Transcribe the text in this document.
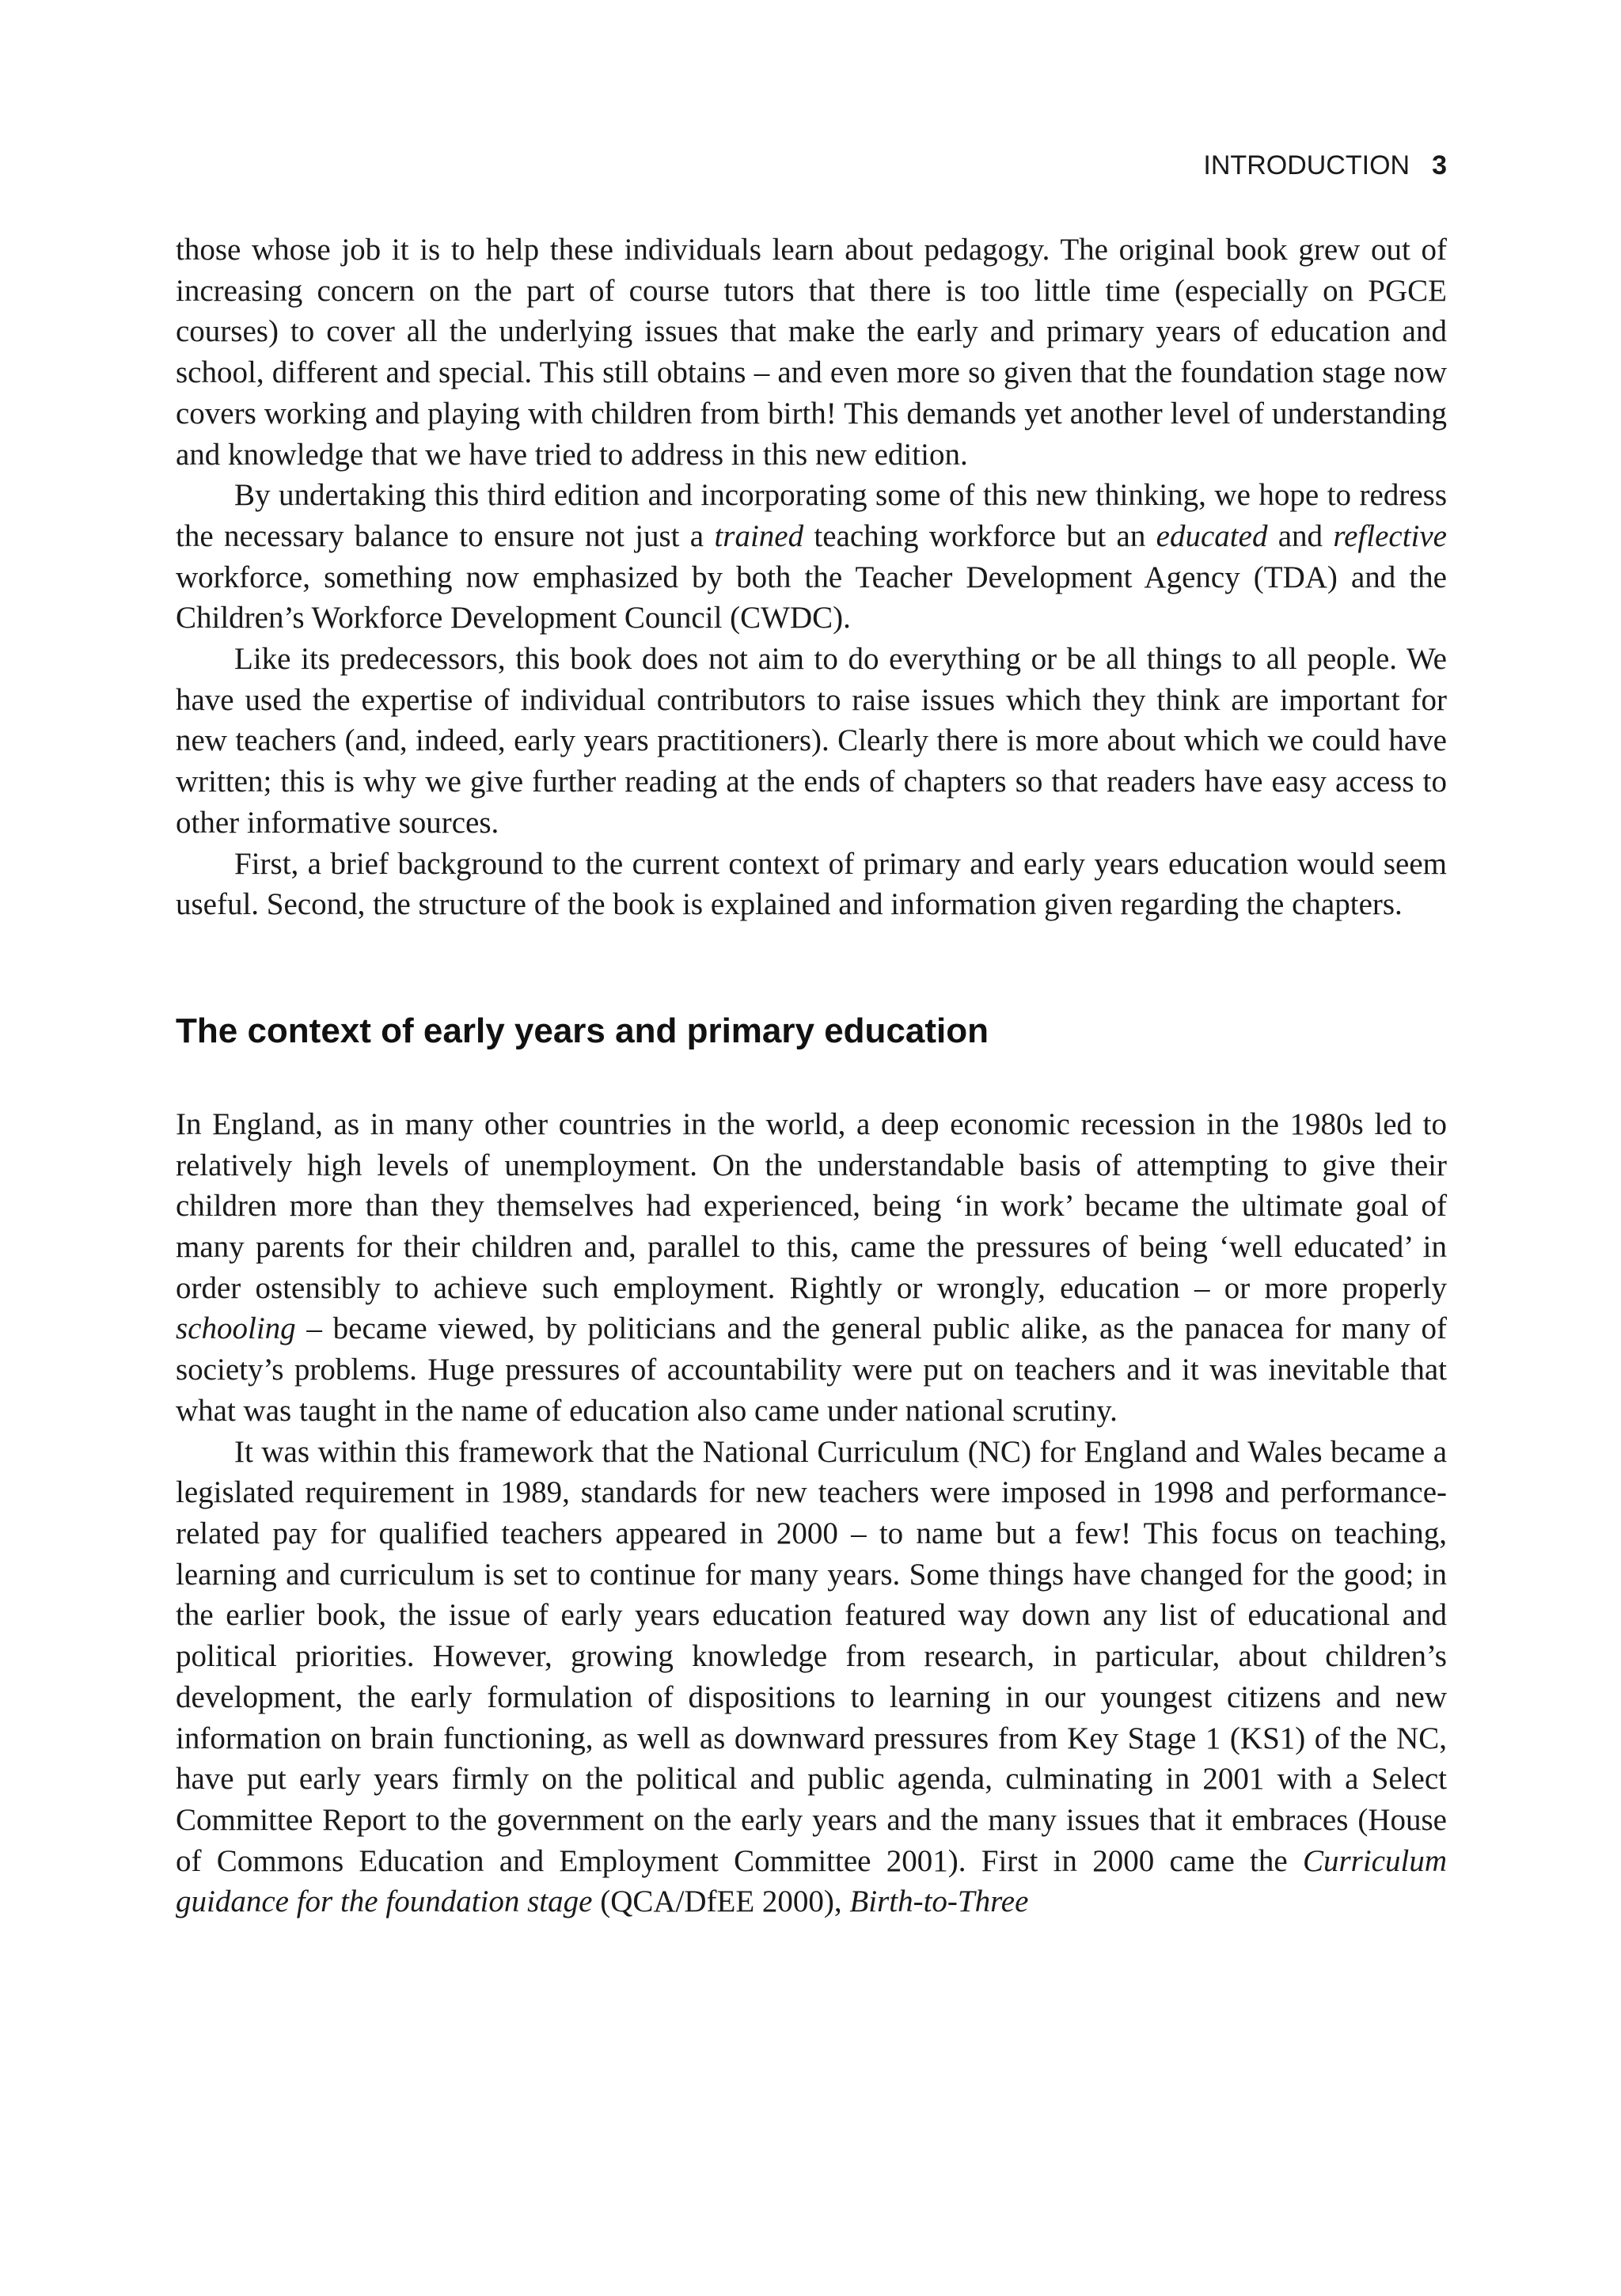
INTRODUCTION 3

those whose job it is to help these individuals learn about pedagogy. The original book grew out of increasing concern on the part of course tutors that there is too little time (especially on PGCE courses) to cover all the underlying issues that make the early and primary years of education and school, different and special. This still obtains – and even more so given that the foundation stage now covers working and playing with children from birth! This demands yet another level of understanding and knowledge that we have tried to address in this new edition.

By undertaking this third edition and incorporating some of this new thinking, we hope to redress the necessary balance to ensure not just a trained teaching workforce but an educated and reflective workforce, something now emphasized by both the Teacher Development Agency (TDA) and the Children’s Workforce Development Council (CWDC).

Like its predecessors, this book does not aim to do everything or be all things to all people. We have used the expertise of individual contributors to raise issues which they think are important for new teachers (and, indeed, early years practitioners). Clearly there is more about which we could have written; this is why we give further reading at the ends of chapters so that readers have easy access to other informative sources.

First, a brief background to the current context of primary and early years education would seem useful. Second, the structure of the book is explained and information given regarding the chapters.

The context of early years and primary education

In England, as in many other countries in the world, a deep economic recession in the 1980s led to relatively high levels of unemployment. On the understandable basis of attempting to give their children more than they themselves had experienced, being ‘in work’ became the ultimate goal of many parents for their children and, parallel to this, came the pressures of being ‘well educated’ in order ostensibly to achieve such employment. Rightly or wrongly, education – or more properly schooling – became viewed, by politicians and the general public alike, as the panacea for many of society’s problems. Huge pressures of accountability were put on teachers and it was inevitable that what was taught in the name of education also came under national scrutiny.

It was within this framework that the National Curriculum (NC) for England and Wales became a legislated requirement in 1989, standards for new teachers were imposed in 1998 and performance-related pay for qualified teachers appeared in 2000 – to name but a few! This focus on teaching, learning and curriculum is set to continue for many years. Some things have changed for the good; in the earlier book, the issue of early years education featured way down any list of educational and political priorities. However, growing knowledge from research, in particular, about children’s development, the early formulation of dispositions to learning in our youngest citizens and new information on brain functioning, as well as downward pressures from Key Stage 1 (KS1) of the NC, have put early years firmly on the political and public agenda, culminating in 2001 with a Select Committee Report to the government on the early years and the many issues that it embraces (House of Commons Education and Employment Committee 2001). First in 2000 came the Curriculum guidance for the foundation stage (QCA/DfEE 2000), Birth-to-Three
